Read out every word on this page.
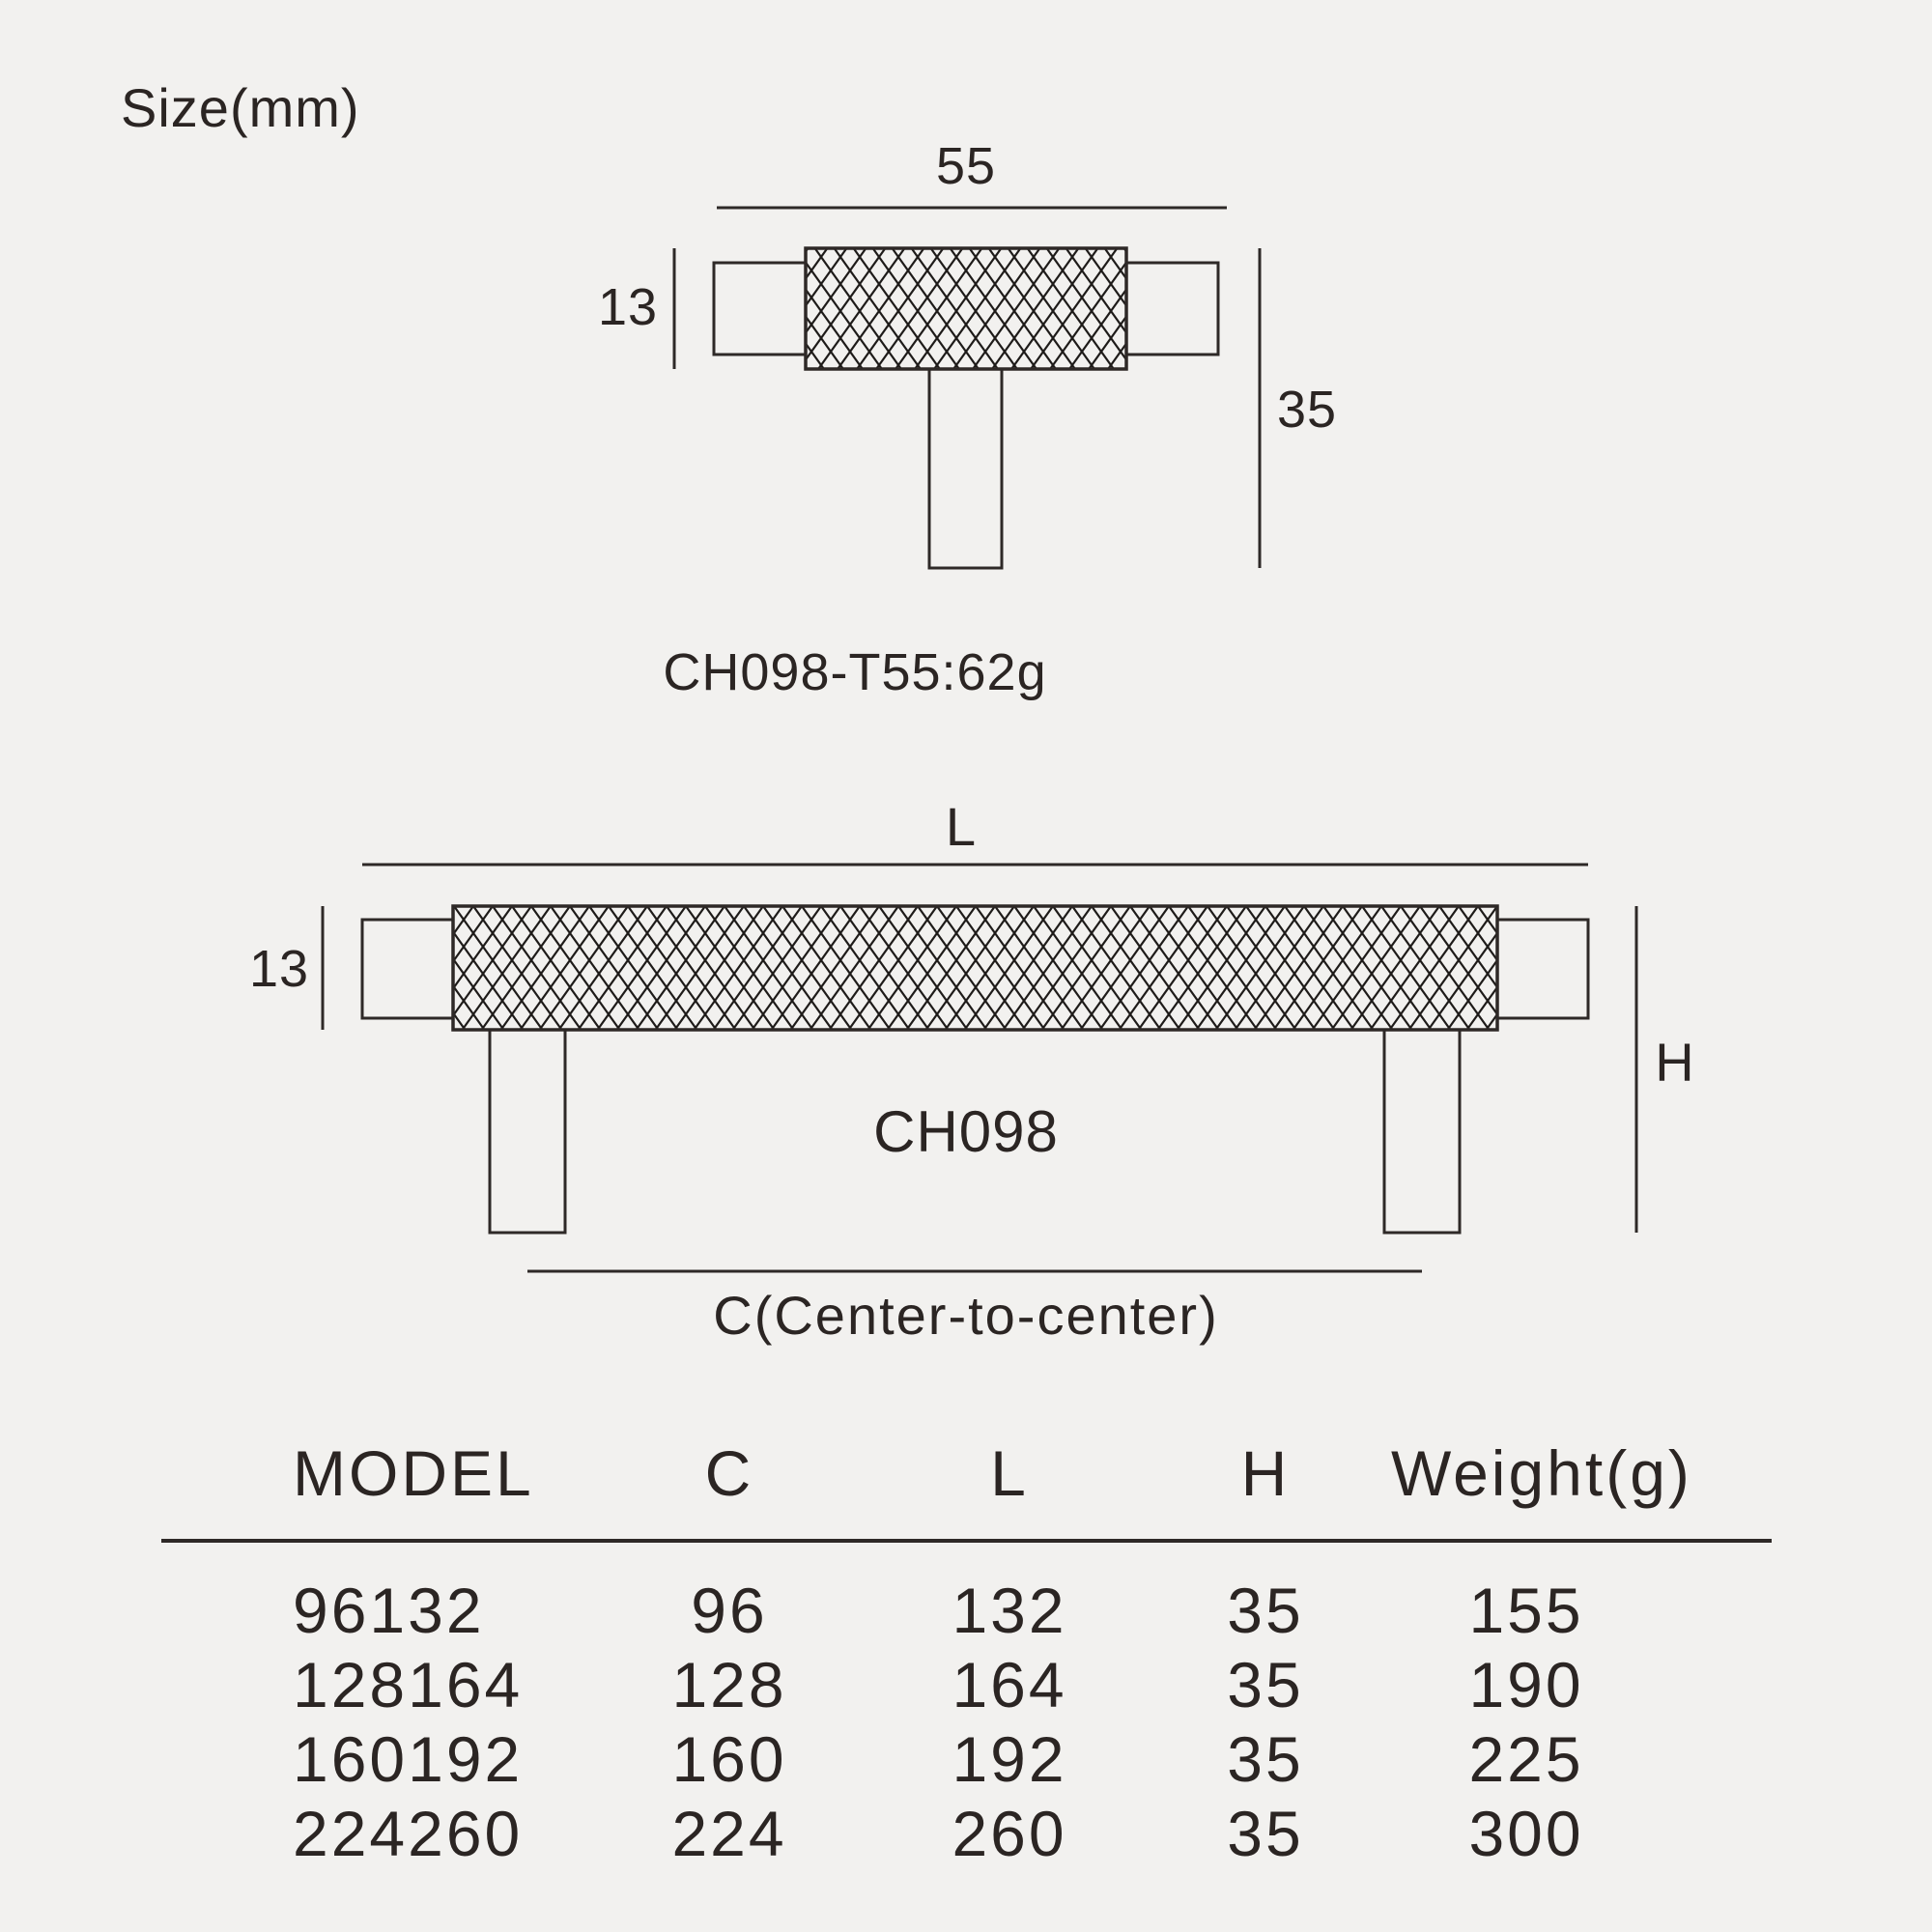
Size(mm)
55
13
35
CH098-T55:62g
L
13
H
CH098
C(Center-to-center)
MODEL	C	L	H	Weight(g)
96132	96	132	35	155
128164	128	164	35	190
160192	160	192	35	225
224260	224	260	35	300
